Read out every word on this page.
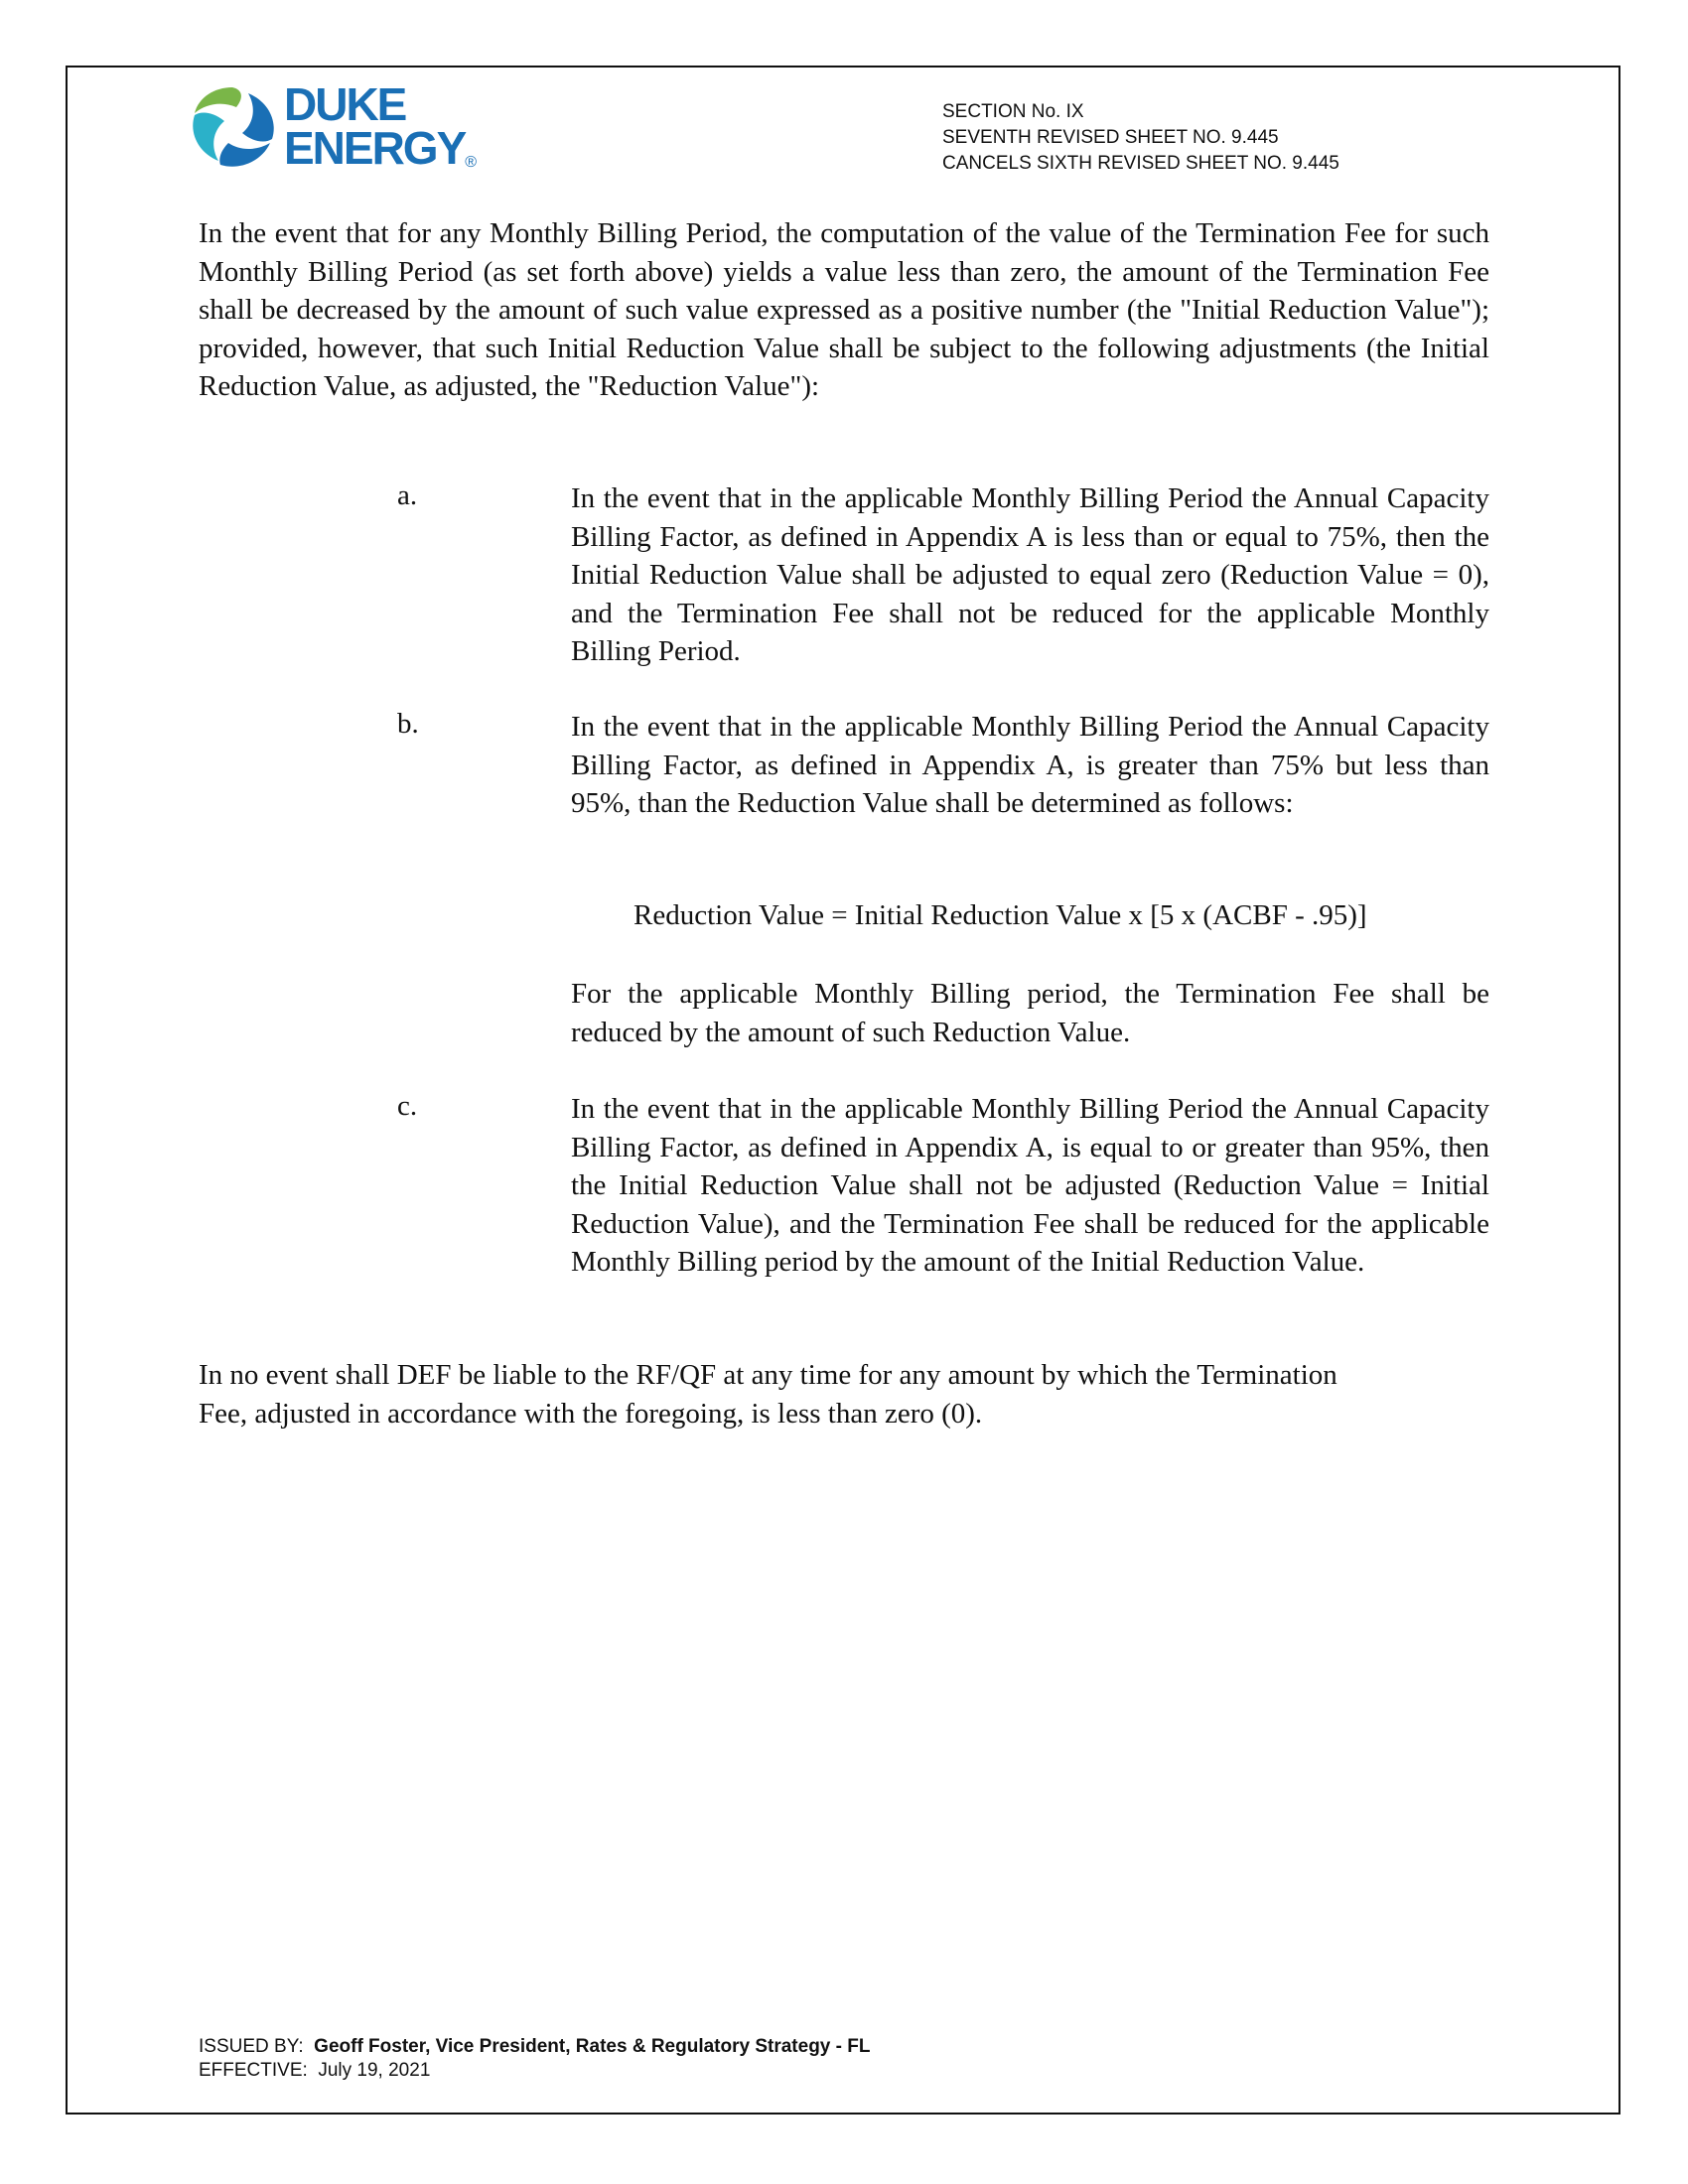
DUKE
ENERGY®
SECTION No. IX
SEVENTH REVISED SHEET NO. 9.445
CANCELS SIXTH REVISED SHEET NO. 9.445
In the event that for any Monthly Billing Period, the computation of the value of the Termination Fee for such Monthly Billing Period (as set forth above) yields a value less than zero, the amount of the Termination Fee shall be decreased by the amount of such value expressed as a positive number (the "Initial Reduction Value"); provided, however, that such Initial Reduction Value shall be subject to the following adjustments (the Initial Reduction Value, as adjusted, the "Reduction Value"):
a.	In the event that in the applicable Monthly Billing Period the Annual Capacity Billing Factor, as defined in Appendix A is less than or equal to 75%, then the Initial Reduction Value shall be adjusted to equal zero (Reduction Value = 0), and the Termination Fee shall not be reduced for the applicable Monthly Billing Period.
b.	In the event that in the applicable Monthly Billing Period the Annual Capacity Billing Factor, as defined in Appendix A, is greater than 75% but less than 95%, than the Reduction Value shall be determined as follows:
Reduction Value = Initial Reduction Value x [5 x (ACBF - .95)]
For the applicable Monthly Billing period, the Termination Fee shall be reduced by the amount of such Reduction Value.
c.	In the event that in the applicable Monthly Billing Period the Annual Capacity Billing Factor, as defined in Appendix A, is equal to or greater than 95%, then the Initial Reduction Value shall not be adjusted (Reduction Value = Initial Reduction Value), and the Termination Fee shall be reduced for the applicable Monthly Billing period by the amount of the Initial Reduction Value.
In no event shall DEF be liable to the RF/QF at any time for any amount by which the Termination Fee, adjusted in accordance with the foregoing, is less than zero (0).
ISSUED BY: Geoff Foster, Vice President, Rates & Regulatory Strategy - FL
EFFECTIVE: July 19, 2021
